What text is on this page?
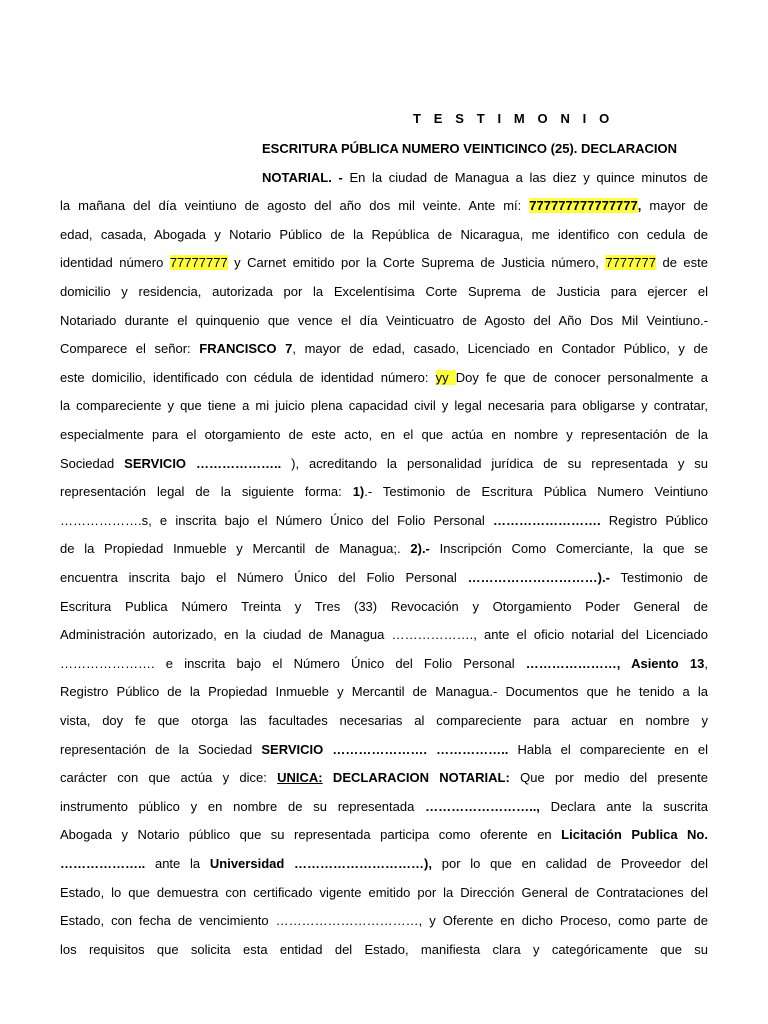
T E S T I M O N I O
ESCRITURA PÚBLICA NUMERO VEINTICINCO (25). DECLARACION
NOTARIAL. - En la ciudad de Managua a las diez y quince minutos de
la mañana del día veintiuno de agosto del año dos mil veinte. Ante mí: 777777777777777, mayor de
edad, casada, Abogada y Notario Público de la República de Nicaragua, me identifico con cedula de
identidad número 77777777 y Carnet emitido por la Corte Suprema de Justicia número, 7777777 de este
domicilio y residencia, autorizada por la Excelentísima Corte Suprema de Justicia para ejercer el
Notariado durante el quinquenio que vence el día Veinticuatro de Agosto del Año Dos Mil Veintiuno.-
Comparece el señor: FRANCISCO 7, mayor de edad, casado, Licenciado en Contador Público, y de
este domicilio, identificado con cédula de identidad número: yy Doy fe que de conocer personalmente a
la compareciente y que tiene a mi juicio plena capacidad civil y legal necesaria para obligarse y contratar,
especialmente para el otorgamiento de este acto, en el que actúa en nombre y representación de la
Sociedad SERVICIO ……………….. ), acreditando la personalidad jurídica de su representada y su
representación legal de la siguiente forma: 1).- Testimonio de Escritura Pública Numero Veintiuno
……………….s, e inscrita bajo el Número Único del Folio Personal ……………………. Registro Público
de la Propiedad Inmueble y Mercantil de Managua;. 2).- Inscripción Como Comerciante, la que se
encuentra inscrita bajo el Número Único del Folio Personal …………………………).- Testimonio de
Escritura Publica Número Treinta y Tres (33) Revocación y Otorgamiento Poder General de
Administración autorizado, en la ciudad de Managua ………………., ante el oficio notarial del Licenciado
…………………. e inscrita bajo el Número Único del Folio Personal …………………, Asiento 13,
Registro Público de la Propiedad Inmueble y Mercantil de Managua.- Documentos que he tenido a la
vista, doy fe que otorga las facultades necesarias al compareciente para actuar en nombre y
representación de la Sociedad SERVICIO …………………. …………….. Habla el compareciente en el
carácter con que actúa y dice: UNICA: DECLARACION NOTARIAL: Que por medio del presente
instrumento público y en nombre de su representada …………………….., Declara ante la suscrita
Abogada y Notario público que su representada participa como oferente en Licitación Publica No.
……………….. ante la Universidad …………………………), por lo que en calidad de Proveedor del
Estado, lo que demuestra con certificado vigente emitido por la Dirección General de Contrataciones del
Estado, con fecha de vencimiento ……………………………, y Oferente en dicho Proceso, como parte de
los requisitos que solicita esta entidad del Estado, manifiesta clara y categóricamente que su
